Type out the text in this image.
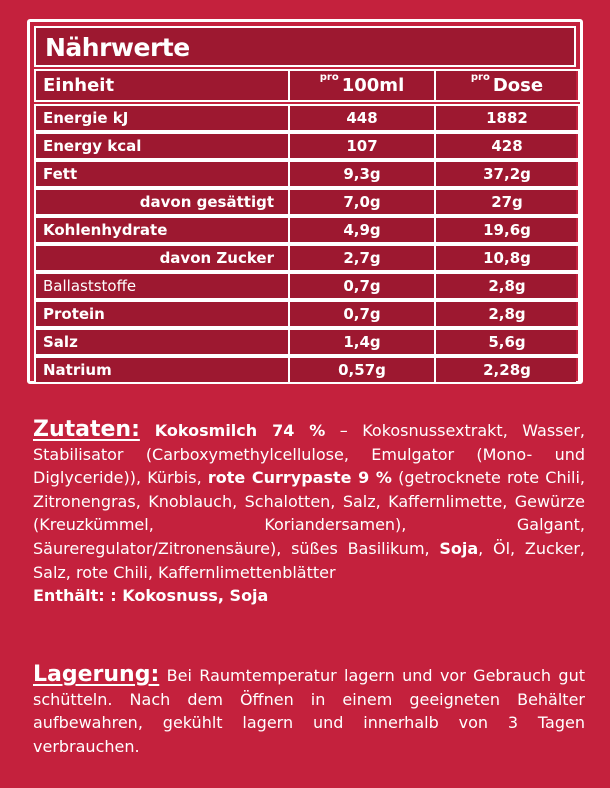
Nährwerte
Einheit	pro 100ml	pro Dose
Energie kJ	448	1882
Energy kcal	107	428
Fett	9,3g	37,2g
davon gesättigt	7,0g	27g
Kohlenhydrate	4,9g	19,6g
davon Zucker	2,7g	10,8g
Ballaststoffe	0,7g	2,8g
Protein	0,7g	2,8g
Salz	1,4g	5,6g
Natrium	0,57g	2,28g
Zutaten: Kokosmilch 74 % – Kokosnussextrakt, Wasser, Stabilisator (Carboxymethylcellulose, Emulgator (Mono- und Diglyceride)), Kürbis, rote Currypaste 9 % (getrocknete rote Chili, Zitronengras, Knoblauch, Schalotten, Salz, Kaffernlimette, Gewürze (Kreuzkümmel, Koriandersamen), Galgant, Säureregulator/Zitronensäure), süßes Basilikum, Soja, Öl, Zucker, Salz, rote Chili, Kaffernlimettenblätter
Enthält: : Kokosnuss, Soja
Lagerung: Bei Raumtemperatur lagern und vor Gebrauch gut schütteln. Nach dem Öffnen in einem geeigneten Behälter aufbewahren, gekühlt lagern und innerhalb von 3 Tagen verbrauchen.
